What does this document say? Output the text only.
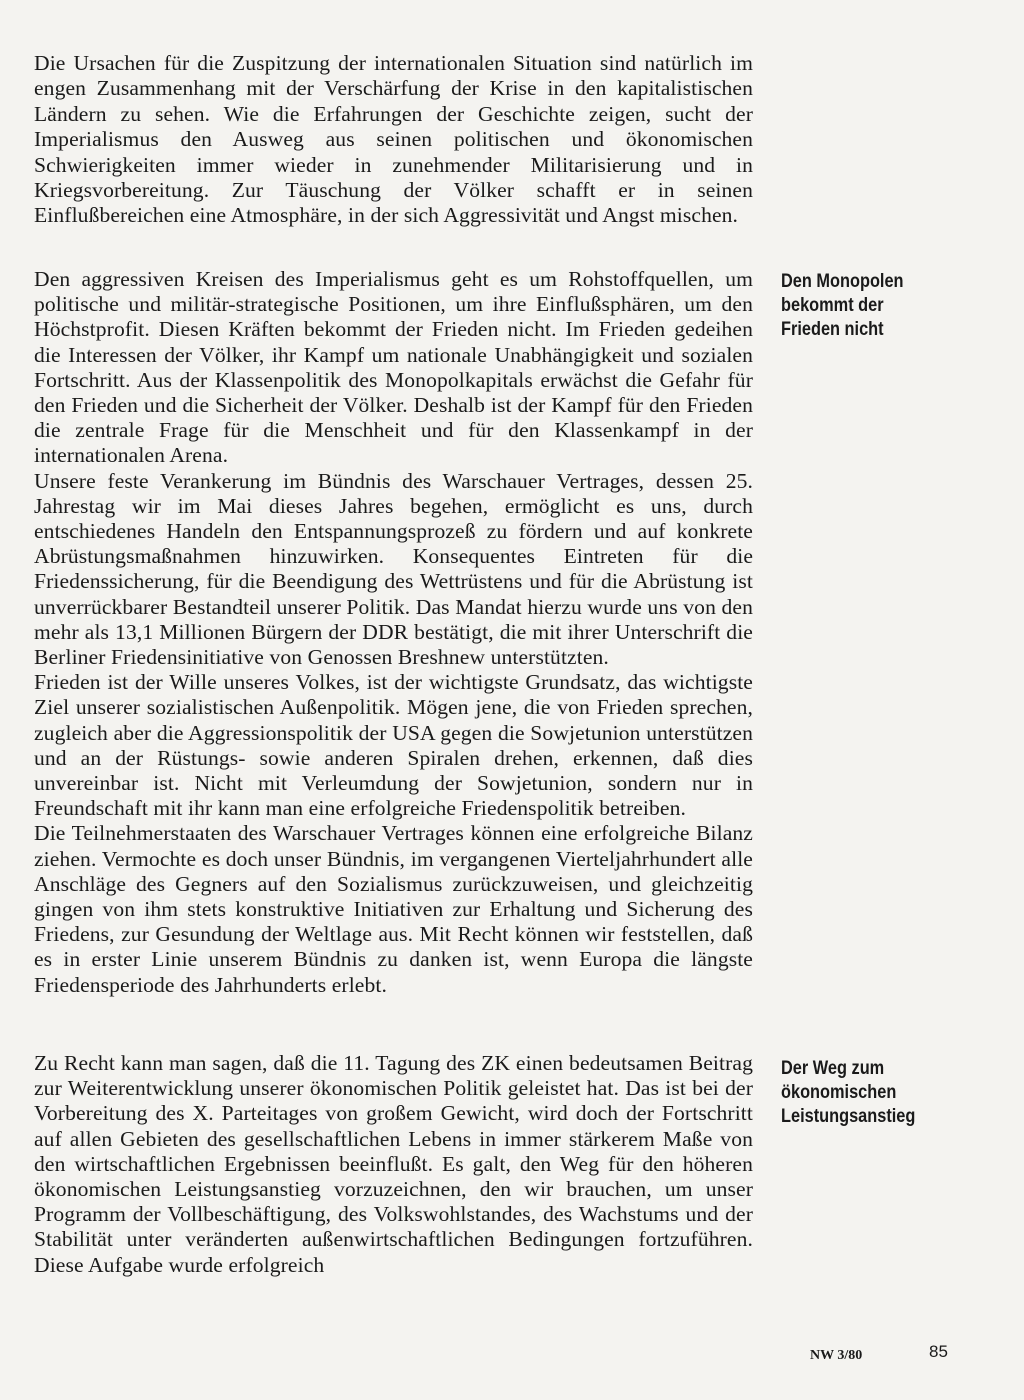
Die Ursachen für die Zuspitzung der internationalen Situation sind natürlich im engen Zusammenhang mit der Verschärfung der Krise in den kapitalistischen Ländern zu sehen. Wie die Erfahrungen der Geschichte zeigen, sucht der Imperialismus den Ausweg aus seinen politischen und ökonomischen Schwierigkeiten immer wieder in zunehmender Militarisierung und in Kriegsvorbereitung. Zur Täuschung der Völker schafft er in seinen Einflußbereichen eine Atmosphäre, in der sich Aggressivität und Angst mischen.

Den aggressiven Kreisen des Imperialismus geht es um Rohstoffquellen, um politische und militär-strategische Positionen, um ihre Einflußsphären, um den Höchstprofit. Diesen Kräften bekommt der Frieden nicht. Im Frieden gedeihen die Interessen der Völker, ihr Kampf um nationale Unabhängigkeit und sozialen Fortschritt. Aus der Klassenpolitik des Monopolkapitals erwächst die Gefahr für den Frieden und die Sicherheit der Völker. Deshalb ist der Kampf für den Frieden die zentrale Frage für die Menschheit und für den Klassenkampf in der internationalen Arena.
Unsere feste Verankerung im Bündnis des Warschauer Vertrages, dessen 25. Jahrestag wir im Mai dieses Jahres begehen, ermöglicht es uns, durch entschiedenes Handeln den Entspannungsprozeß zu fördern und auf konkrete Abrüstungsmaßnahmen hinzuwirken. Konsequentes Eintreten für die Friedenssicherung, für die Beendigung des Wettrüstens und für die Abrüstung ist unverrückbarer Bestandteil unserer Politik. Das Mandat hierzu wurde uns von den mehr als 13,1 Millionen Bürgern der DDR bestätigt, die mit ihrer Unterschrift die Berliner Friedensinitiative von Genossen Breshnew unterstützten.
Frieden ist der Wille unseres Volkes, ist der wichtigste Grundsatz, das wichtigste Ziel unserer sozialistischen Außenpolitik. Mögen jene, die von Frieden sprechen, zugleich aber die Aggressionspolitik der USA gegen die Sowjetunion unterstützen und an der Rüstungs- sowie anderen Spiralen drehen, erkennen, daß dies unvereinbar ist. Nicht mit Verleumdung der Sowjetunion, sondern nur in Freundschaft mit ihr kann man eine erfolgreiche Friedenspolitik betreiben.
Die Teilnehmerstaaten des Warschauer Vertrages können eine erfolgreiche Bilanz ziehen. Vermochte es doch unser Bündnis, im vergangenen Vierteljahrhundert alle Anschläge des Gegners auf den Sozialismus zurückzuweisen, und gleichzeitig gingen von ihm stets konstruktive Initiativen zur Erhaltung und Sicherung des Friedens, zur Gesundung der Weltlage aus. Mit Recht können wir feststellen, daß es in erster Linie unserem Bündnis zu danken ist, wenn Europa die längste Friedensperiode des Jahrhunderts erlebt.

Zu Recht kann man sagen, daß die 11. Tagung des ZK einen bedeutsamen Beitrag zur Weiterentwicklung unserer ökonomischen Politik geleistet hat. Das ist bei der Vorbereitung des X. Parteitages von großem Gewicht, wird doch der Fortschritt auf allen Gebieten des gesellschaftlichen Lebens in immer stärkerem Maße von den wirtschaftlichen Ergebnissen beeinflußt. Es galt, den Weg für den höheren ökonomischen Leistungsanstieg vorzuzeichnen, den wir brauchen, um unser Programm der Vollbeschäftigung, des Volkswohlstandes, des Wachstums und der Stabilität unter veränderten außenwirtschaftlichen Bedingungen fortzuführen. Diese Aufgabe wurde erfolgreich

Den Monopolen
bekommt der
Frieden nicht
Der Weg zum
ökonomischen
Leistungsanstieg

NW 3/80	85
